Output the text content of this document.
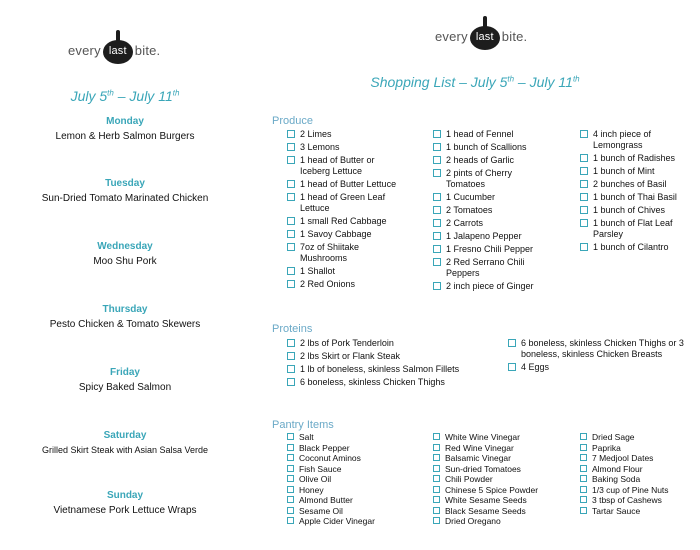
every last bite.
every last bite.
July 5th – July 11th
Shopping List – July 5th – July 11th
Monday
Lemon & Herb Salmon Burgers
Tuesday
Sun-Dried Tomato Marinated Chicken
Wednesday
Moo Shu Pork
Thursday
Pesto Chicken & Tomato Skewers
Friday
Spicy Baked Salmon
Saturday
Grilled Skirt Steak with Asian Salsa Verde
Sunday
Vietnamese Pork Lettuce Wraps
Produce
2 Limes
3 Lemons
1 head of Butter or Iceberg Lettuce
1 head of Butter Lettuce
1 head of Green Leaf Lettuce
1 small Red Cabbage
1 Savoy Cabbage
7oz of Shiitake Mushrooms
1 Shallot
2 Red Onions
1 head of Fennel
1 bunch of Scallions
2 heads of Garlic
2 pints of Cherry Tomatoes
1 Cucumber
2 Tomatoes
2 Carrots
1 Jalapeno Pepper
1 Fresno Chili Pepper
2 Red Serrano Chili Peppers
2 inch piece of Ginger
4 inch piece of Lemongrass
1 bunch of Radishes
1 bunch of Mint
2 bunches of Basil
1 bunch of Thai Basil
1 bunch of Chives
1 bunch of Flat Leaf Parsley
1 bunch of Cilantro
Proteins
2 lbs of Pork Tenderloin
2 lbs Skirt or Flank Steak
1 lb of boneless, skinless Salmon Fillets
6 boneless, skinless Chicken Thighs
6 boneless, skinless Chicken Thighs or 3 boneless, skinless Chicken Breasts
4 Eggs
Pantry Items
Salt
Black Pepper
Coconut Aminos
Fish Sauce
Olive Oil
Honey
Almond Butter
Sesame Oil
Apple Cider Vinegar
White Wine Vinegar
Red Wine Vinegar
Balsamic Vinegar
Sun-dried Tomatoes
Chili Powder
Chinese 5 Spice Powder
White Sesame Seeds
Black Sesame Seeds
Dried Oregano
Dried Sage
Paprika
7 Medjool Dates
Almond Flour
Baking Soda
1/3 cup of Pine Nuts
3 tbsp of Cashews
Tartar Sauce
